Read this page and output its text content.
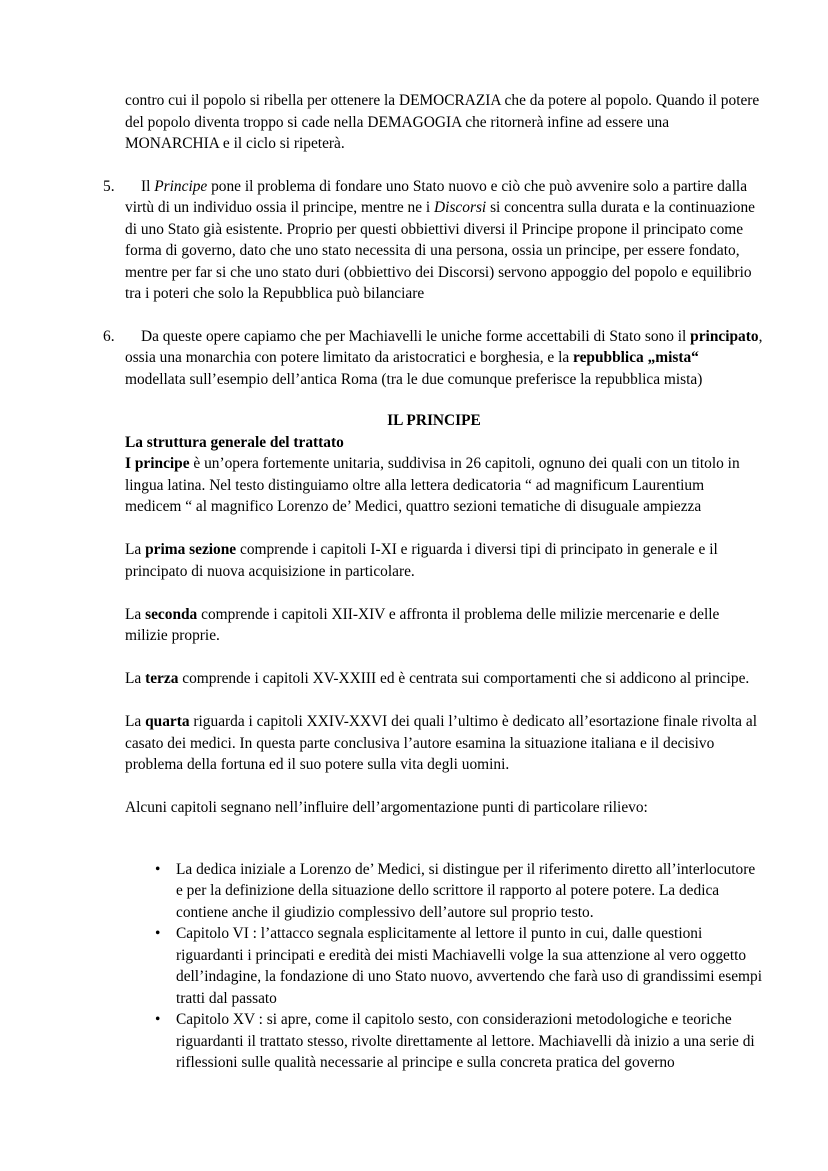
contro cui il popolo si ribella per ottenere la DEMOCRAZIA che da potere al popolo. Quando il potere del popolo diventa troppo si cade nella DEMAGOGIA che ritornerà infine ad essere una MONARCHIA e il ciclo si ripeterà.
5.	Il Principe pone il problema di fondare uno Stato nuovo e ciò che può avvenire solo a partire dalla virtù di un individuo ossia il principe, mentre ne i Discorsi si concentra sulla durata e la continuazione di uno Stato già esistente. Proprio per questi obbiettivi diversi il Principe propone il principato come forma di governo, dato che uno stato necessita di una persona, ossia un principe, per essere fondato, mentre per far si che uno stato duri (obbiettivo dei Discorsi) servono appoggio del popolo e equilibrio tra i poteri che solo la Repubblica può bilanciare
6.	Da queste opere capiamo che per Machiavelli le uniche forme accettabili di Stato sono il principato, ossia una monarchia con potere limitato da aristocratici e borghesia, e la repubblica „mista“ modellata sull’esempio dell’antica Roma (tra le due comunque preferisce la repubblica mista)
IL PRINCIPE
La struttura generale del trattato
I principe è un’opera fortemente unitaria, suddivisa in 26 capitoli, ognuno dei quali con un titolo in lingua latina. Nel testo distinguiamo oltre alla lettera dedicatoria “ ad magnificum Laurentium medicem “ al magnifico Lorenzo de’ Medici, quattro sezioni tematiche di disuguale ampiezza
La prima sezione comprende i capitoli I-XI e riguarda i diversi tipi di principato in generale e il principato di nuova acquisizione in particolare.
La seconda comprende i capitoli XII-XIV e affronta il problema delle milizie mercenarie e delle milizie proprie.
La terza comprende i capitoli XV-XXIII ed è centrata sui comportamenti che si addicono al principe.
La quarta riguarda i capitoli XXIV-XXVI dei quali l’ultimo è dedicato all’esortazione finale rivolta al casato dei medici. In questa parte conclusiva l’autore esamina la situazione italiana e il decisivo problema della fortuna ed il suo potere sulla vita degli uomini.
Alcuni capitoli segnano nell’influire dell’argomentazione punti di particolare rilievo:
• La dedica iniziale a Lorenzo de’ Medici, si distingue per il riferimento diretto all’interlocutore e per la definizione della situazione dello scrittore il rapporto al potere potere. La dedica contiene anche il giudizio complessivo dell’autore sul proprio testo.
• Capitolo VI : l’attacco segnala esplicitamente al lettore il punto in cui, dalle questioni riguardanti i principati e eredità dei misti Machiavelli volge la sua attenzione al vero oggetto dell’indagine, la fondazione di uno Stato nuovo, avvertendo che farà uso di grandissimi esempi tratti dal passato
• Capitolo XV : si apre, come il capitolo sesto, con considerazioni metodologiche e teoriche riguardanti il trattato stesso, rivolte direttamente al lettore. Machiavelli dà inizio a una serie di riflessioni sulle qualità necessarie al principe e sulla concreta pratica del governo
